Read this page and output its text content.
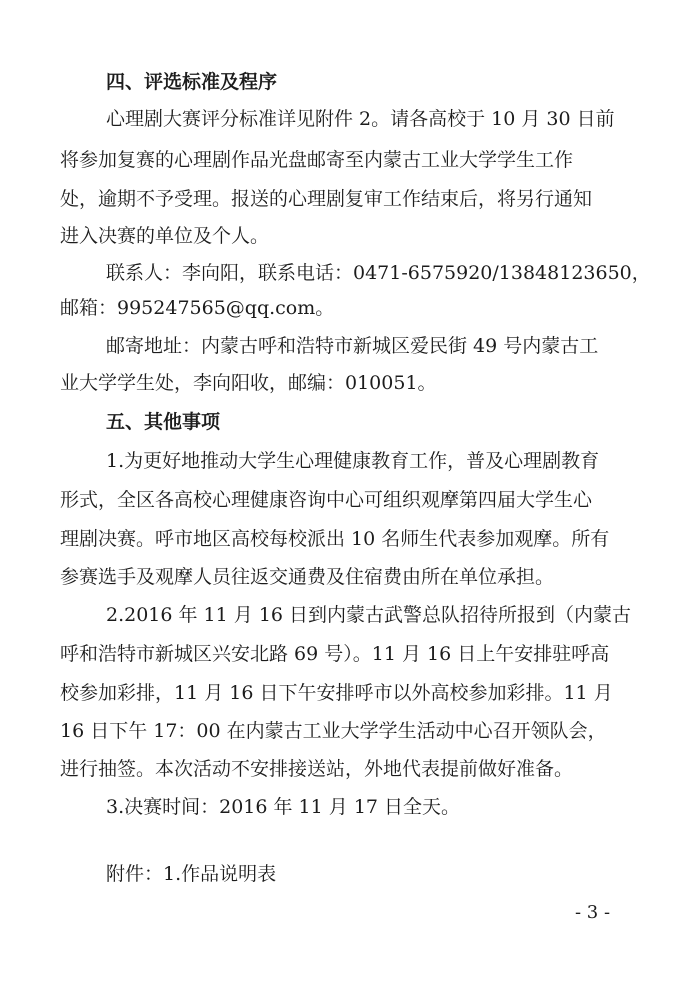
四、评选标准及程序
心理剧大赛评分标准详见附件 2。请各高校于 10 月 30 日前
将参加复赛的心理剧作品光盘邮寄至内蒙古工业大学学生工作
处，逾期不予受理。报送的心理剧复审工作结束后，将另行通知
进入决赛的单位及个人。
联系人：李向阳，联系电话：0471-6575920/13848123650，
邮箱：995247565@qq.com。
邮寄地址：内蒙古呼和浩特市新城区爱民街 49 号内蒙古工
业大学学生处，李向阳收，邮编：010051。
五、其他事项
1.为更好地推动大学生心理健康教育工作，普及心理剧教育
形式，全区各高校心理健康咨询中心可组织观摩第四届大学生心
理剧决赛。呼市地区高校每校派出 10 名师生代表参加观摩。所有
参赛选手及观摩人员往返交通费及住宿费由所在单位承担。
2.2016 年 11 月 16 日到内蒙古武警总队招待所报到（内蒙古
呼和浩特市新城区兴安北路 69 号）。11 月 16 日上午安排驻呼高
校参加彩排，11 月 16 日下午安排呼市以外高校参加彩排。11 月
16 日下午 17：00 在内蒙古工业大学学生活动中心召开领队会，
进行抽签。本次活动不安排接送站，外地代表提前做好准备。
3.决赛时间：2016 年 11 月 17 日全天。
附件：1.作品说明表
- 3 -
